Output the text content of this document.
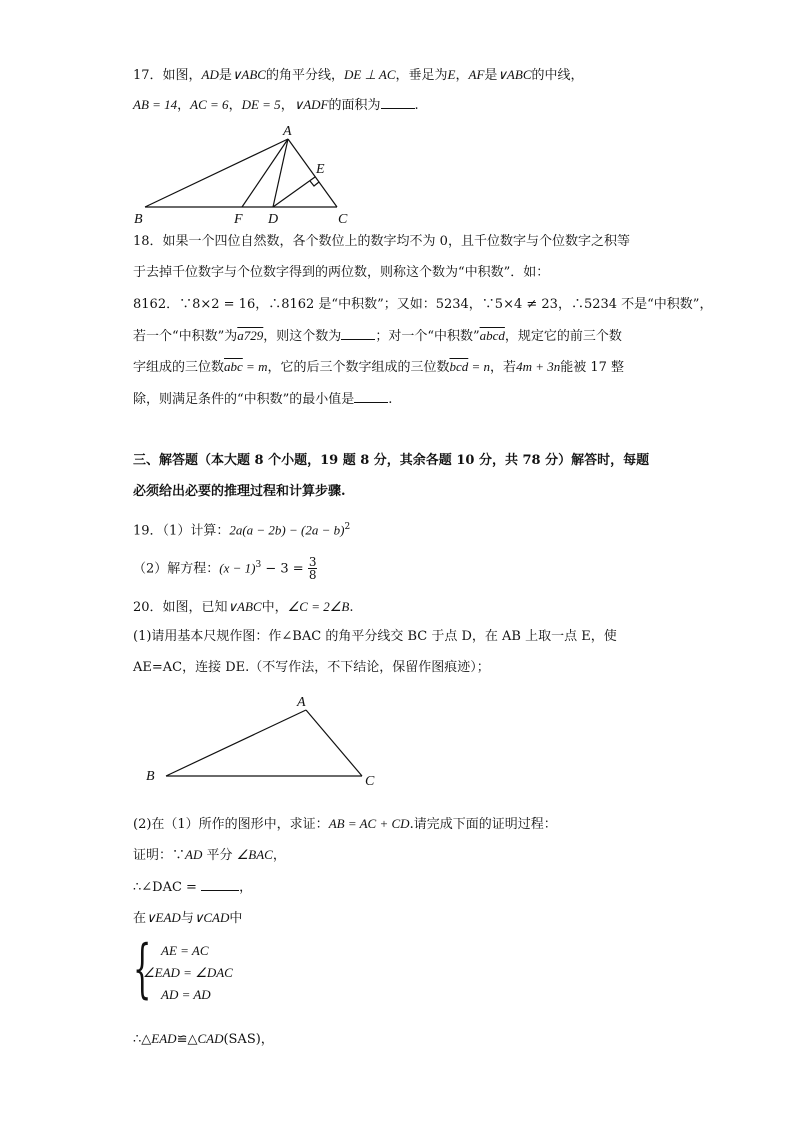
17．如图，AD是∨ABC的角平分线，DE ⊥ AC，垂足为E，AF是∨ABC的中线，
AB = 14，AC = 6，DE = 5，∨ADF的面积为	.
A
E
B	F D	C
18．如果一个四位自然数，各个数位上的数字均不为 0，且千位数字与个位数字之积等
于去掉千位数字与个位数字得到的两位数，则称这个数为“中积数”．如：
8162．∵8×2 = 16，∴8162 是“中积数”；又如：5234，∵5×4 ≠ 23，∴5234 不是“中积数”，
若一个“中积数”为a729，则这个数为	；对一个“中积数”abcd，规定它的前三个数
字组成的三位数$\overline{abc} = m$，它的后三个数字组成的三位数$\overline{bcd} = n$，若4m + 3n能被 17 整
除，则满足条件的“中积数”的最小值是	.
三、解答题（本大题 8 个小题，19 题 8 分，其余各题 10 分，共 78 分）解答时，每题
必须给出必要的推理过程和计算步骤.
19．（1）计算：$2a(a - 2b) - (2a - b)^2$
（2）解方程：$(x - 1)^3 - 3 = \frac{3}{8}$
20．如图，已知∨ABC中，∠C = 2∠B.
(1)请用基本尺规作图：作∠BAC 的角平分线交 BC 于点 D，在 AB 上取一点 E，使
AE=AC，连接 DE.（不写作法，不下结论，保留作图痕迹）；
A
B	C
(2)在（1）所作的图形中，求证：AB = AC + CD.请完成下面的证明过程：
证明：∵AD 平分 ∠BAC，
∴∠DAC =	，
在∨EAD与∨CAD中
{ AE = AC
∠EAD = ∠DAC
AD = AD
∴△EAD≌△CAD(SAS)，
